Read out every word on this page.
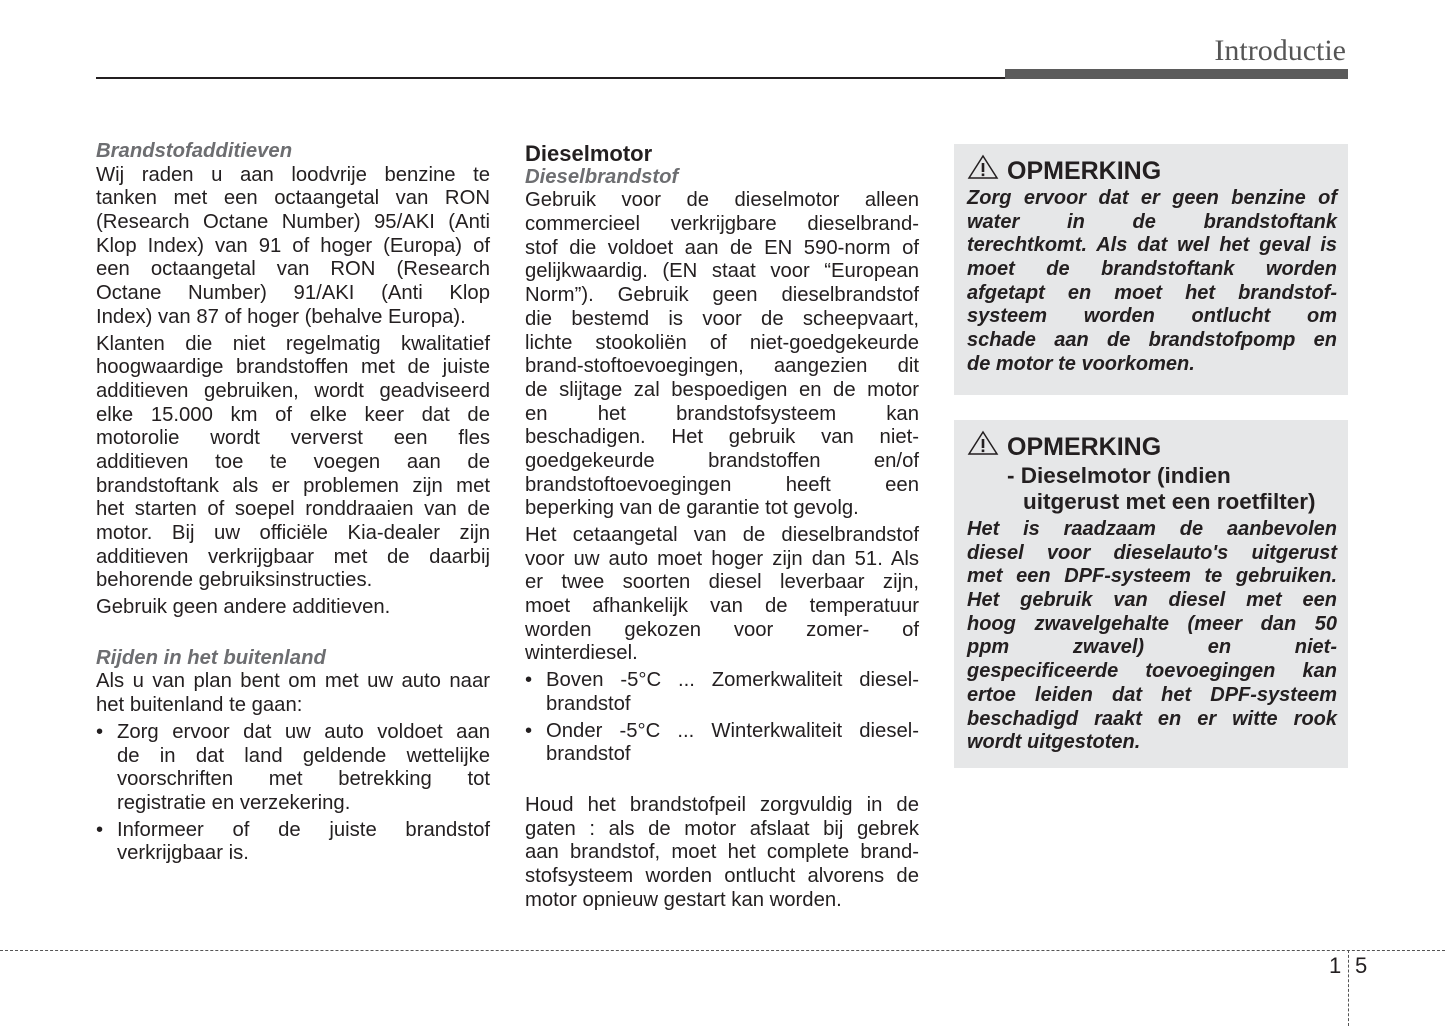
Introductie
Brandstofadditieven
Wij raden u aan loodvrije benzine te
tanken met een octaangetal van RON
(Research Octane Number) 95/AKI (Anti
Klop Index) van 91 of hoger (Europa) of
een octaangetal van RON (Research
Octane Number) 91/AKI (Anti Klop
Index) van 87 of hoger (behalve Europa).
Klanten die niet regelmatig kwalitatief
hoogwaardige brandstoffen met de juiste
additieven gebruiken, wordt geadviseerd
elke 15.000 km of elke keer dat de
motorolie wordt ververst een fles
additieven toe te voegen aan de
brandstoftank als er problemen zijn met
het starten of soepel ronddraaien van de
motor. Bij uw officiële Kia-dealer zijn
additieven verkrijgbaar met de daarbij
behorende gebruiksinstructies.
Gebruik geen andere additieven.
Rijden in het buitenland
Als u van plan bent om met uw auto naar
het buitenland te gaan:
• Zorg ervoor dat uw auto voldoet aan
de in dat land geldende wettelijke
voorschriften met betrekking tot
registratie en verzekering.
• Informeer of de juiste brandstof
verkrijgbaar is.
Dieselmotor
Dieselbrandstof
Gebruik voor de dieselmotor alleen
commercieel verkrijgbare dieselbrand-
stof die voldoet aan de EN 590-norm of
gelijkwaardig. (EN staat voor “European
Norm”). Gebruik geen dieselbrandstof
die bestemd is voor de scheepvaart,
lichte stookoliën of niet-goedgekeurde
brand-stoftoevoegingen, aangezien dit
de slijtage zal bespoedigen en de motor
en het brandstofsysteem kan
beschadigen. Het gebruik van niet-
goedgekeurde brandstoffen en/of
brandstoftoevoegingen heeft een
beperking van de garantie tot gevolg.
Het cetaangetal van de dieselbrandstof
voor uw auto moet hoger zijn dan 51. Als
er twee soorten diesel leverbaar zijn,
moet afhankelijk van de temperatuur
worden gekozen voor zomer- of
winterdiesel.
• Boven -5°C ... Zomerkwaliteit diesel-
brandstof
• Onder -5°C ... Winterkwaliteit diesel-
brandstof
Houd het brandstofpeil zorgvuldig in de
gaten : als de motor afslaat bij gebrek
aan brandstof, moet het complete brand-
stofsysteem worden ontlucht alvorens de
motor opnieuw gestart kan worden.
OPMERKING
Zorg ervoor dat er geen benzine of
water in de brandstoftank
terechtkomt. Als dat wel het geval is
moet de brandstoftank worden
afgetapt en moet het brandstof-
systeem worden ontlucht om
schade aan de brandstofpomp en
de motor te voorkomen.
OPMERKING
- Dieselmotor (indien
uitgerust met een roetfilter)
Het is raadzaam de aanbevolen
diesel voor dieselauto's uitgerust
met een DPF-systeem te gebruiken.
Het gebruik van diesel met een
hoog zwavelgehalte (meer dan 50
ppm zwavel) en niet-
gespecificeerde toevoegingen kan
ertoe leiden dat het DPF-systeem
beschadigd raakt en er witte rook
wordt uitgestoten.
1 5
